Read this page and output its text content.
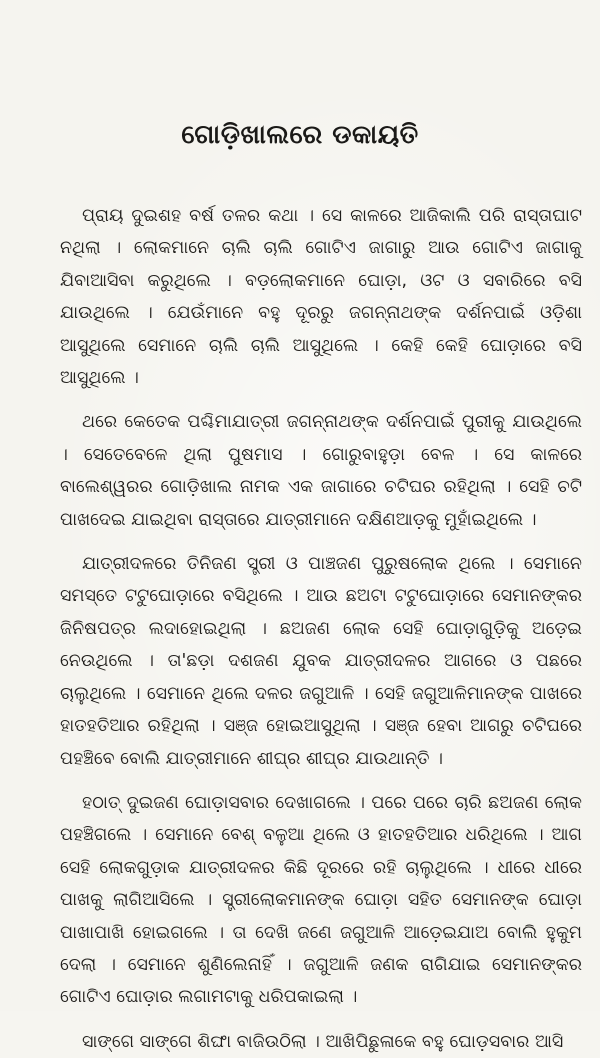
ଗୋଡ଼ିଖାଲରେ ଡକାୟତି

ପ୍ରାୟ ଦୁଇଶହ ବର୍ଷ ତଳର କଥା । ସେ କାଳରେ ଆଜିକାଲି ପରି ରାସ୍ତାଘାଟ ନଥିଲା । ଲୋକମାନେ ଚାଲି ଚାଲି ଗୋଟିଏ ଜାଗାରୁ ଆଉ ଗୋଟିଏ ଜାଗାକୁ ଯିବାଆସିବା କରୁଥିଲେ । ବଡ଼ଲୋକମାନେ ଘୋଡ଼ା, ଓଟ ଓ ସବାରିରେ ବସି ଯାଉଥିଲେ । ଯେଉଁମାନେ ବହୁ ଦୂରରୁ ଜଗନ୍ନାଥଙ୍କ ଦର୍ଶନପାଇଁ ଓଡ଼ିଶା ଆସୁଥିଲେ ସେମାନେ ଚାଲି ଚାଲି ଆସୁଥିଲେ । କେହି କେହି ଘୋଡ଼ାରେ ବସି ଆସୁଥିଲେ ।

ଥରେ କେତେକ ପଶ୍ଚିମାଯାତ୍ରୀ ଜଗନ୍ନାଥଙ୍କ ଦର୍ଶନପାଇଁ ପୁରୀକୁ ଯାଉଥିଲେ । ସେତେବେଳେ ଥିଲା ପୁଷମାସ । ଗୋରୁବାହୁଡ଼ା ବେଳ । ସେ କାଳରେ ବାଲେଶ୍ୱରର ଗୋଡ଼ିଖାଲ ନାମକ ଏକ ଜାଗାରେ ଚଟିଘର ରହିଥିଲା । ସେହି ଚଟି ପାଖଦେଇ ଯାଇଥିବା ରାସ୍ତାରେ ଯାତ୍ରୀମାନେ ଦକ୍ଷିଣଆଡ଼କୁ ମୁହାଁଇଥିଲେ ।

ଯାତ୍ରୀଦଳରେ ତିନିଜଣ ସ୍ତ୍ରୀ ଓ ପାଞ୍ଚଜଣ ପୁରୁଷଲୋକ ଥିଲେ । ସେମାନେ ସମସ୍ତେ ଟଟୁଘୋଡ଼ାରେ ବସିଥିଲେ । ଆଉ ଛଅଟା ଟଟୁଘୋଡ଼ାରେ ସେମାନଙ୍କର ଜିନିଷପତ୍ର ଲଦାହୋଇଥିଲା । ଛଅଜଣ ଲୋକ ସେହି ଘୋଡ଼ାଗୁଡ଼ିକୁ ଅଡ଼େଇ ନେଉଥିଲେ । ତା'ଛଡ଼ା ଦଶଜଣ ଯୁବକ ଯାତ୍ରୀଦଳର ଆଗରେ ଓ ପଛରେ ଚାଲୁଥିଲେ । ସେମାନେ ଥିଲେ ଦଳର ଜଗୁଆଳି । ସେହି ଜଗୁଆଳିମାନଙ୍କ ପାଖରେ ହାତହତିଆର ରହିଥିଲା । ସଞ୍ଜ ହୋଇଆସୁଥିଲା । ସଞ୍ଜ ହେବା ଆଗରୁ ଚଟିଘରେ ପହଞ୍ଚିବେ ବୋଲି ଯାତ୍ରୀମାନେ ଶୀଘ୍ର ଶୀଘ୍ର ଯାଉଥାନ୍ତି ।

ହଠାତ୍ ଦୁଇଜଣ ଘୋଡ଼ାସବାର ଦେଖାଗଲେ । ପରେ ପରେ ଚାରି ଛଅଜଣ ଲୋକ ପହଞ୍ଚିଗଲେ । ସେମାନେ ବେଶ୍ ବଳୁଆ ଥିଲେ ଓ ହାତହତିଆର ଧରିଥିଲେ । ଆଗ ସେହି ଲୋକଗୁଡ଼ାକ ଯାତ୍ରୀଦଳର କିଛି ଦୂରରେ ରହି ଚାଲୁଥିଲେ । ଧୀରେ ଧୀରେ ପାଖକୁ ଲାଗିଆସିଲେ । ସ୍ତ୍ରୀଲୋକମାନଙ୍କ ଘୋଡ଼ା ସହିତ ସେମାନଙ୍କ ଘୋଡ଼ା ପାଖାପାଖି ହୋଇଗଲେ । ତା ଦେଖି ଜଣେ ଜଗୁଆଳି ଆଡ଼େଇଯାଅ ବୋଲି ହୁକୁମ ଦେଲା । ସେମାନେ ଶୁଣିଲେନାହିଁ । ଜଗୁଆଳି ଜଣକ ରାଗିଯାଇ ସେମାନଙ୍କର ଗୋଟିଏ ଘୋଡ଼ାର ଲଗାମଟାକୁ ଧରିପକାଇଲା ।

ସାଙ୍ଗେ ସାଙ୍ଗେ ଶିଙ୍ଘା ବାଜିଉଠିଲା । ଆଖିପିଛୁଳାକେ ବହୁ ଘୋଡ଼ସବାର ଆସି
